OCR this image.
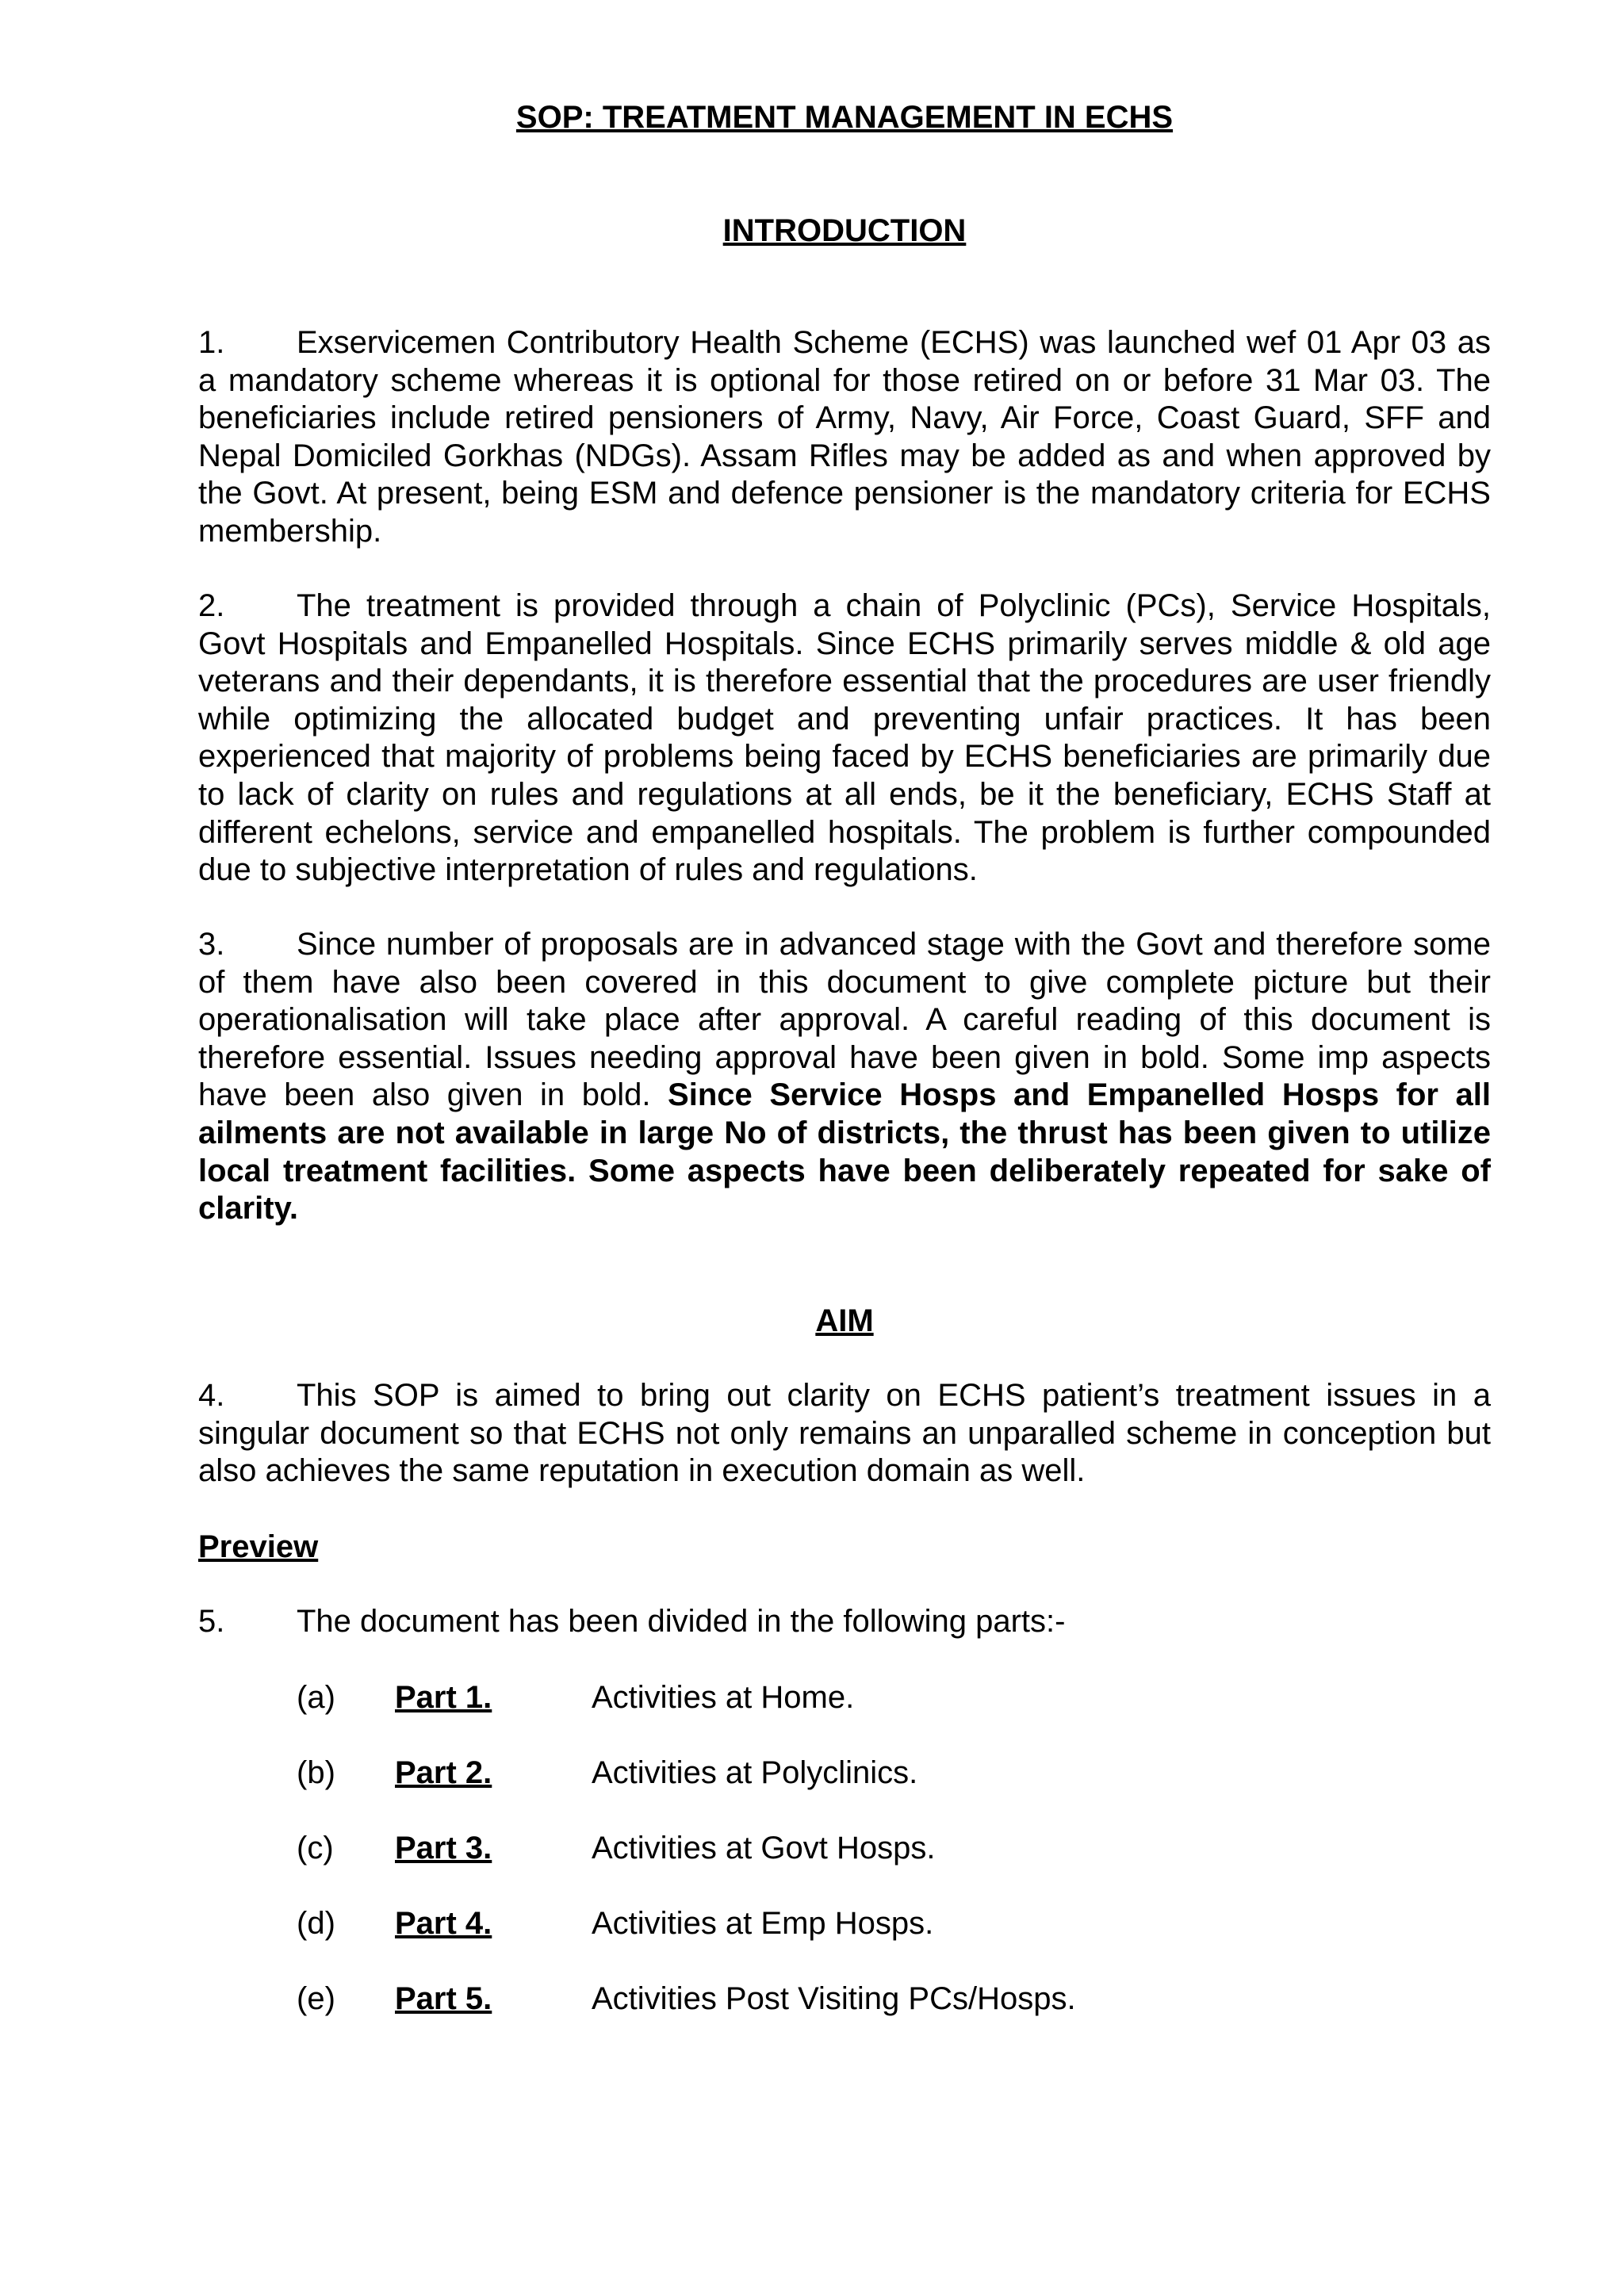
SOP: TREATMENT MANAGEMENT IN ECHS
INTRODUCTION

1. Exservicemen Contributory Health Scheme (ECHS) was launched wef 01 Apr 03 as a mandatory scheme whereas it is optional for those retired on or before 31 Mar 03. The beneficiaries include retired pensioners of Army, Navy, Air Force, Coast Guard, SFF and Nepal Domiciled Gorkhas (NDGs). Assam Rifles may be added as and when approved by the Govt. At present, being ESM and defence pensioner is the mandatory criteria for ECHS membership.

2. The treatment is provided through a chain of Polyclinic (PCs), Service Hospitals, Govt Hospitals and Empanelled Hospitals. Since ECHS primarily serves middle & old age veterans and their dependants, it is therefore essential that the procedures are user friendly while optimizing the allocated budget and preventing unfair practices. It has been experienced that majority of problems being faced by ECHS beneficiaries are primarily due to lack of clarity on rules and regulations at all ends, be it the beneficiary, ECHS Staff at different echelons, service and empanelled hospitals. The problem is further compounded due to subjective interpretation of rules and regulations.

3. Since number of proposals are in advanced stage with the Govt and therefore some of them have also been covered in this document to give complete picture but their operationalisation will take place after approval. A careful reading of this document is therefore essential. Issues needing approval have been given in bold. Some imp aspects have been also given in bold. Since Service Hosps and Empanelled Hosps for all ailments are not available in large No of districts, the thrust has been given to utilize local treatment facilities. Some aspects have been deliberately repeated for sake of clarity.

AIM

4. This SOP is aimed to bring out clarity on ECHS patient’s treatment issues in a singular document so that ECHS not only remains an unparalled scheme in conception but also achieves the same reputation in execution domain as well.

Preview

5. The document has been divided in the following parts:-

(a) Part 1.	Activities at Home.
(b) Part 2.	Activities at Polyclinics.
(c) Part 3.	Activities at Govt Hosps.
(d) Part 4.	Activities at Emp Hosps.
(e) Part 5.	Activities Post Visiting PCs/Hosps.
